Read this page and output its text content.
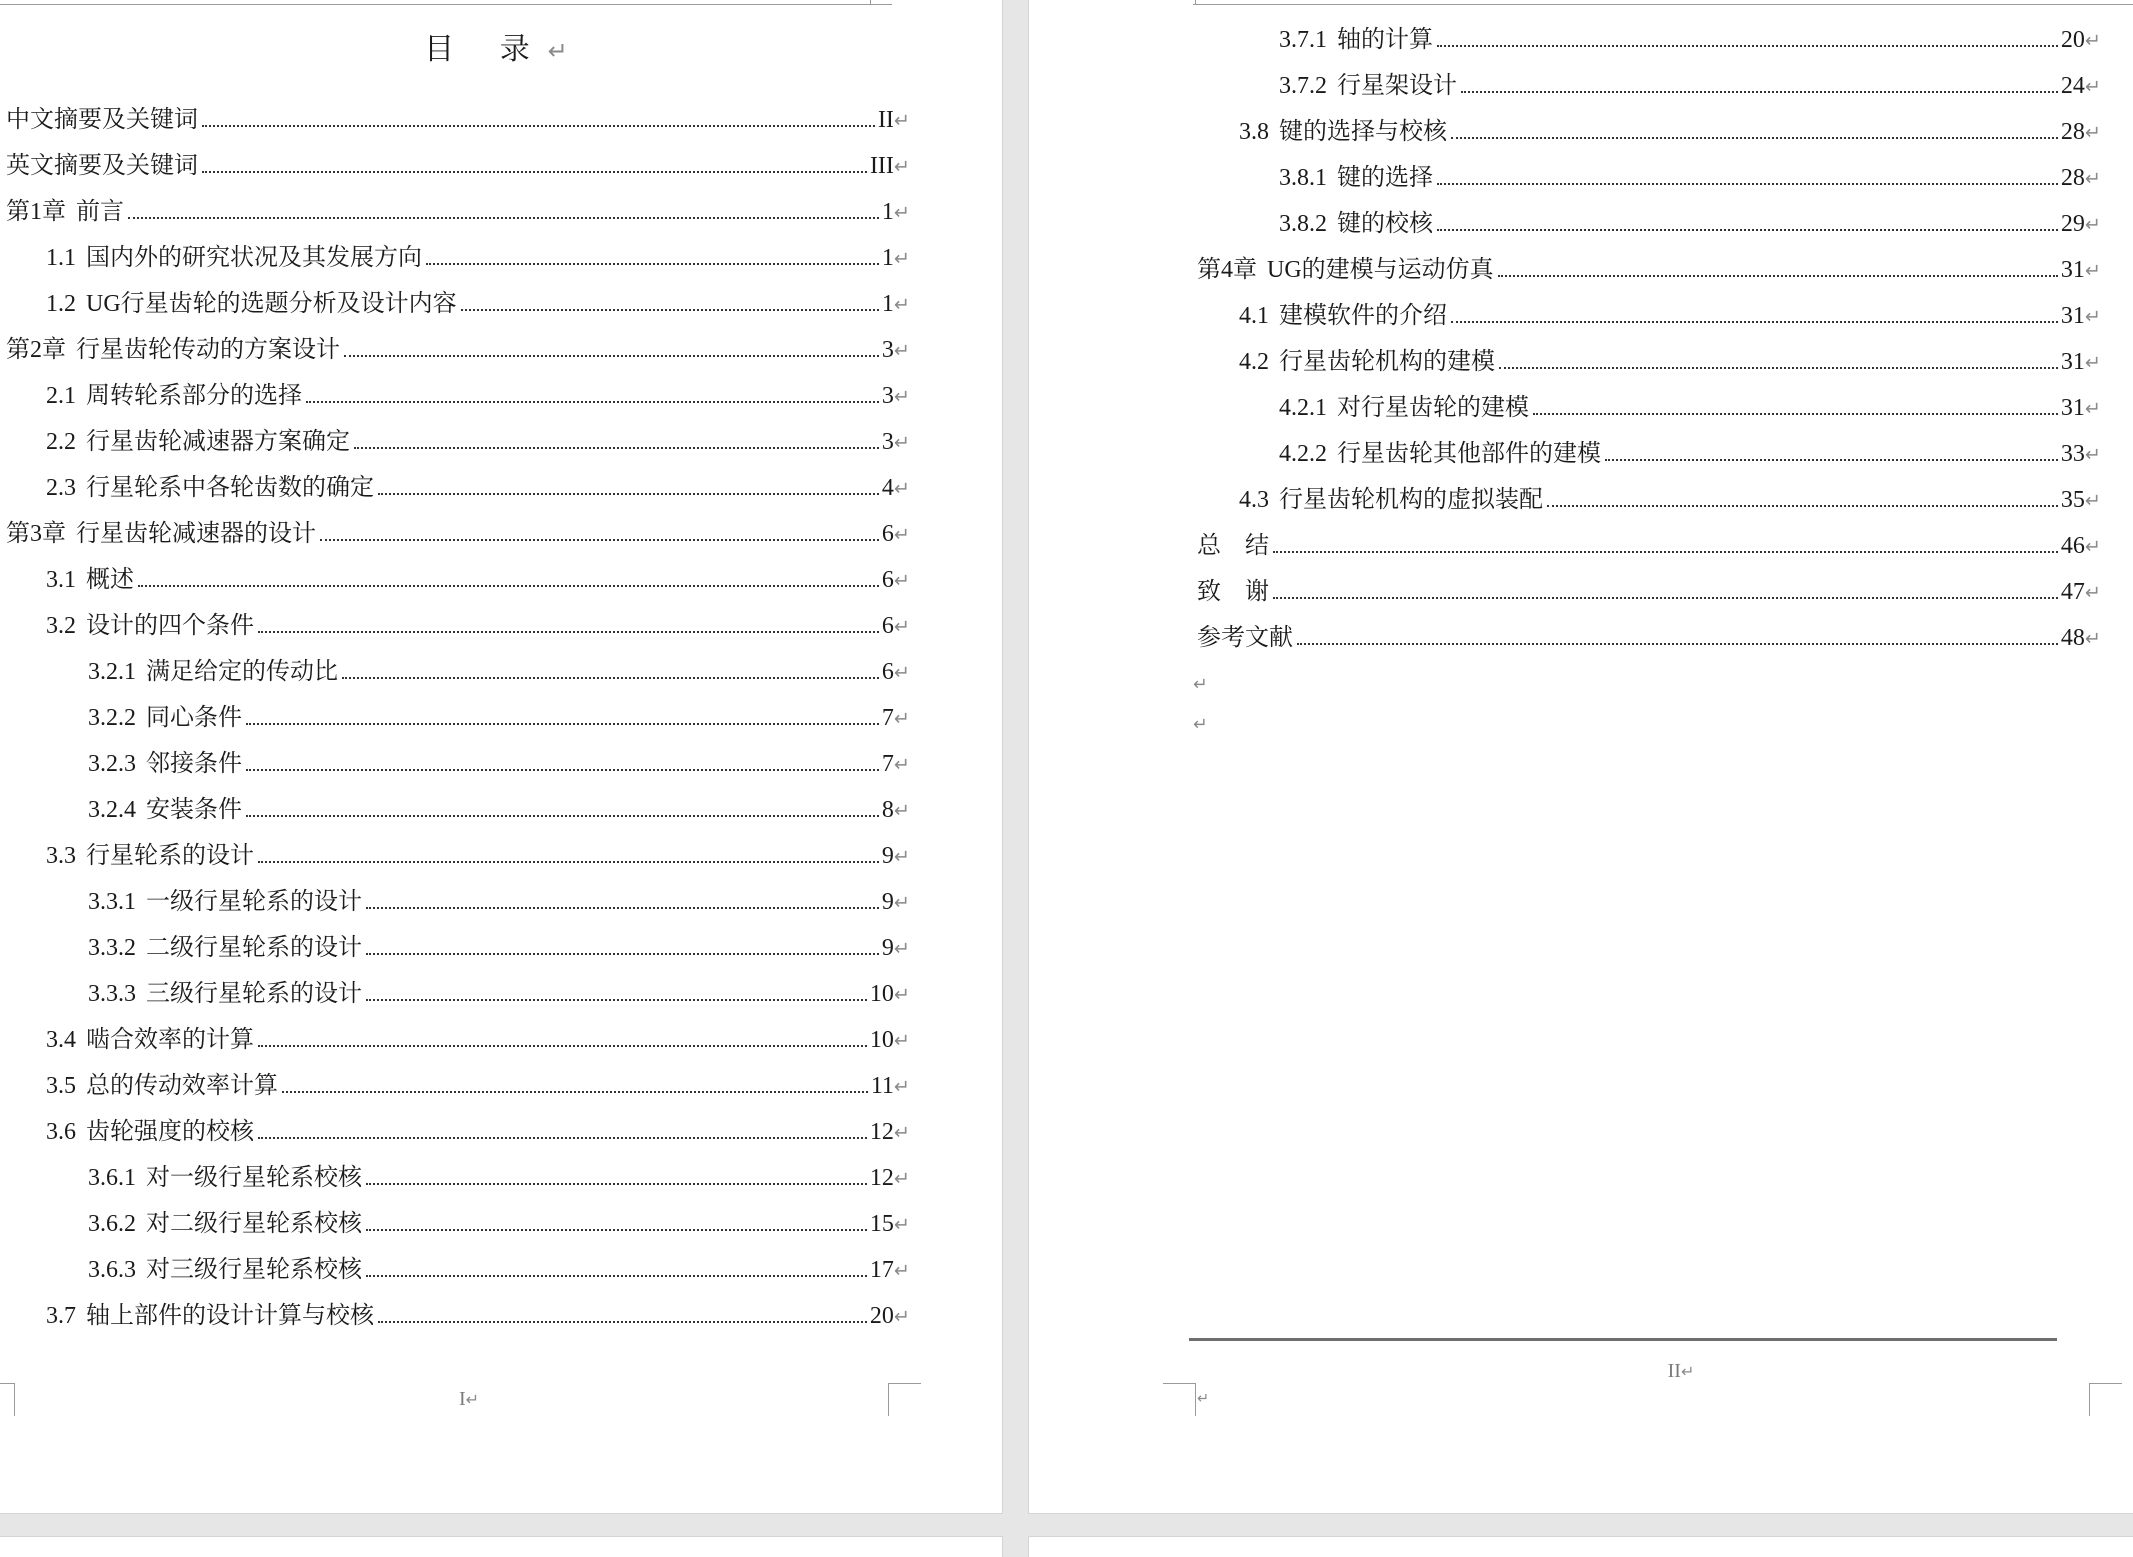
目 录↵
中文摘要及关键词	II ↵
英文摘要及关键词	III ↵
第1章 前言	1 ↵
1.1 国内外的研究状况及其发展方向	1 ↵
1.2 UG行星齿轮的选题分析及设计内容	1 ↵
第2章 行星齿轮传动的方案设计	3 ↵
2.1 周转轮系部分的选择	3 ↵
2.2 行星齿轮减速器方案确定	3 ↵
2.3 行星轮系中各轮齿数的确定	4 ↵
第3章 行星齿轮减速器的设计	6 ↵
3.1 概述	6 ↵
3.2 设计的四个条件	6 ↵
3.2.1 满足给定的传动比	6 ↵
3.2.2 同心条件	7 ↵
3.2.3 邻接条件	7 ↵
3.2.4 安装条件	8 ↵
3.3 行星轮系的设计	9 ↵
3.3.1 一级行星轮系的设计	9 ↵
3.3.2 二级行星轮系的设计	9 ↵
3.3.3 三级行星轮系的设计	10 ↵
3.4 啮合效率的计算	10 ↵
3.5 总的传动效率计算	11 ↵
3.6 齿轮强度的校核	12 ↵
3.6.1 对一级行星轮系校核	12 ↵
3.6.2 对二级行星轮系校核	15 ↵
3.6.3 对三级行星轮系校核	17 ↵
3.7 轴上部件的设计计算与校核	20 ↵
I↵
3.7.1 轴的计算	20 ↵
3.7.2 行星架设计	24 ↵
3.8 键的选择与校核	28 ↵
3.8.1 键的选择	28 ↵
3.8.2 键的校核	29 ↵
第4章 UG的建模与运动仿真	31 ↵
4.1 建模软件的介绍	31 ↵
4.2 行星齿轮机构的建模	31 ↵
4.2.1 对行星齿轮的建模	31 ↵
4.2.2 行星齿轮其他部件的建模	33 ↵
4.3 行星齿轮机构的虚拟装配	35 ↵
总　结	46 ↵
致　谢	47 ↵
参考文献	48 ↵
↵
↵
II↵
↵
